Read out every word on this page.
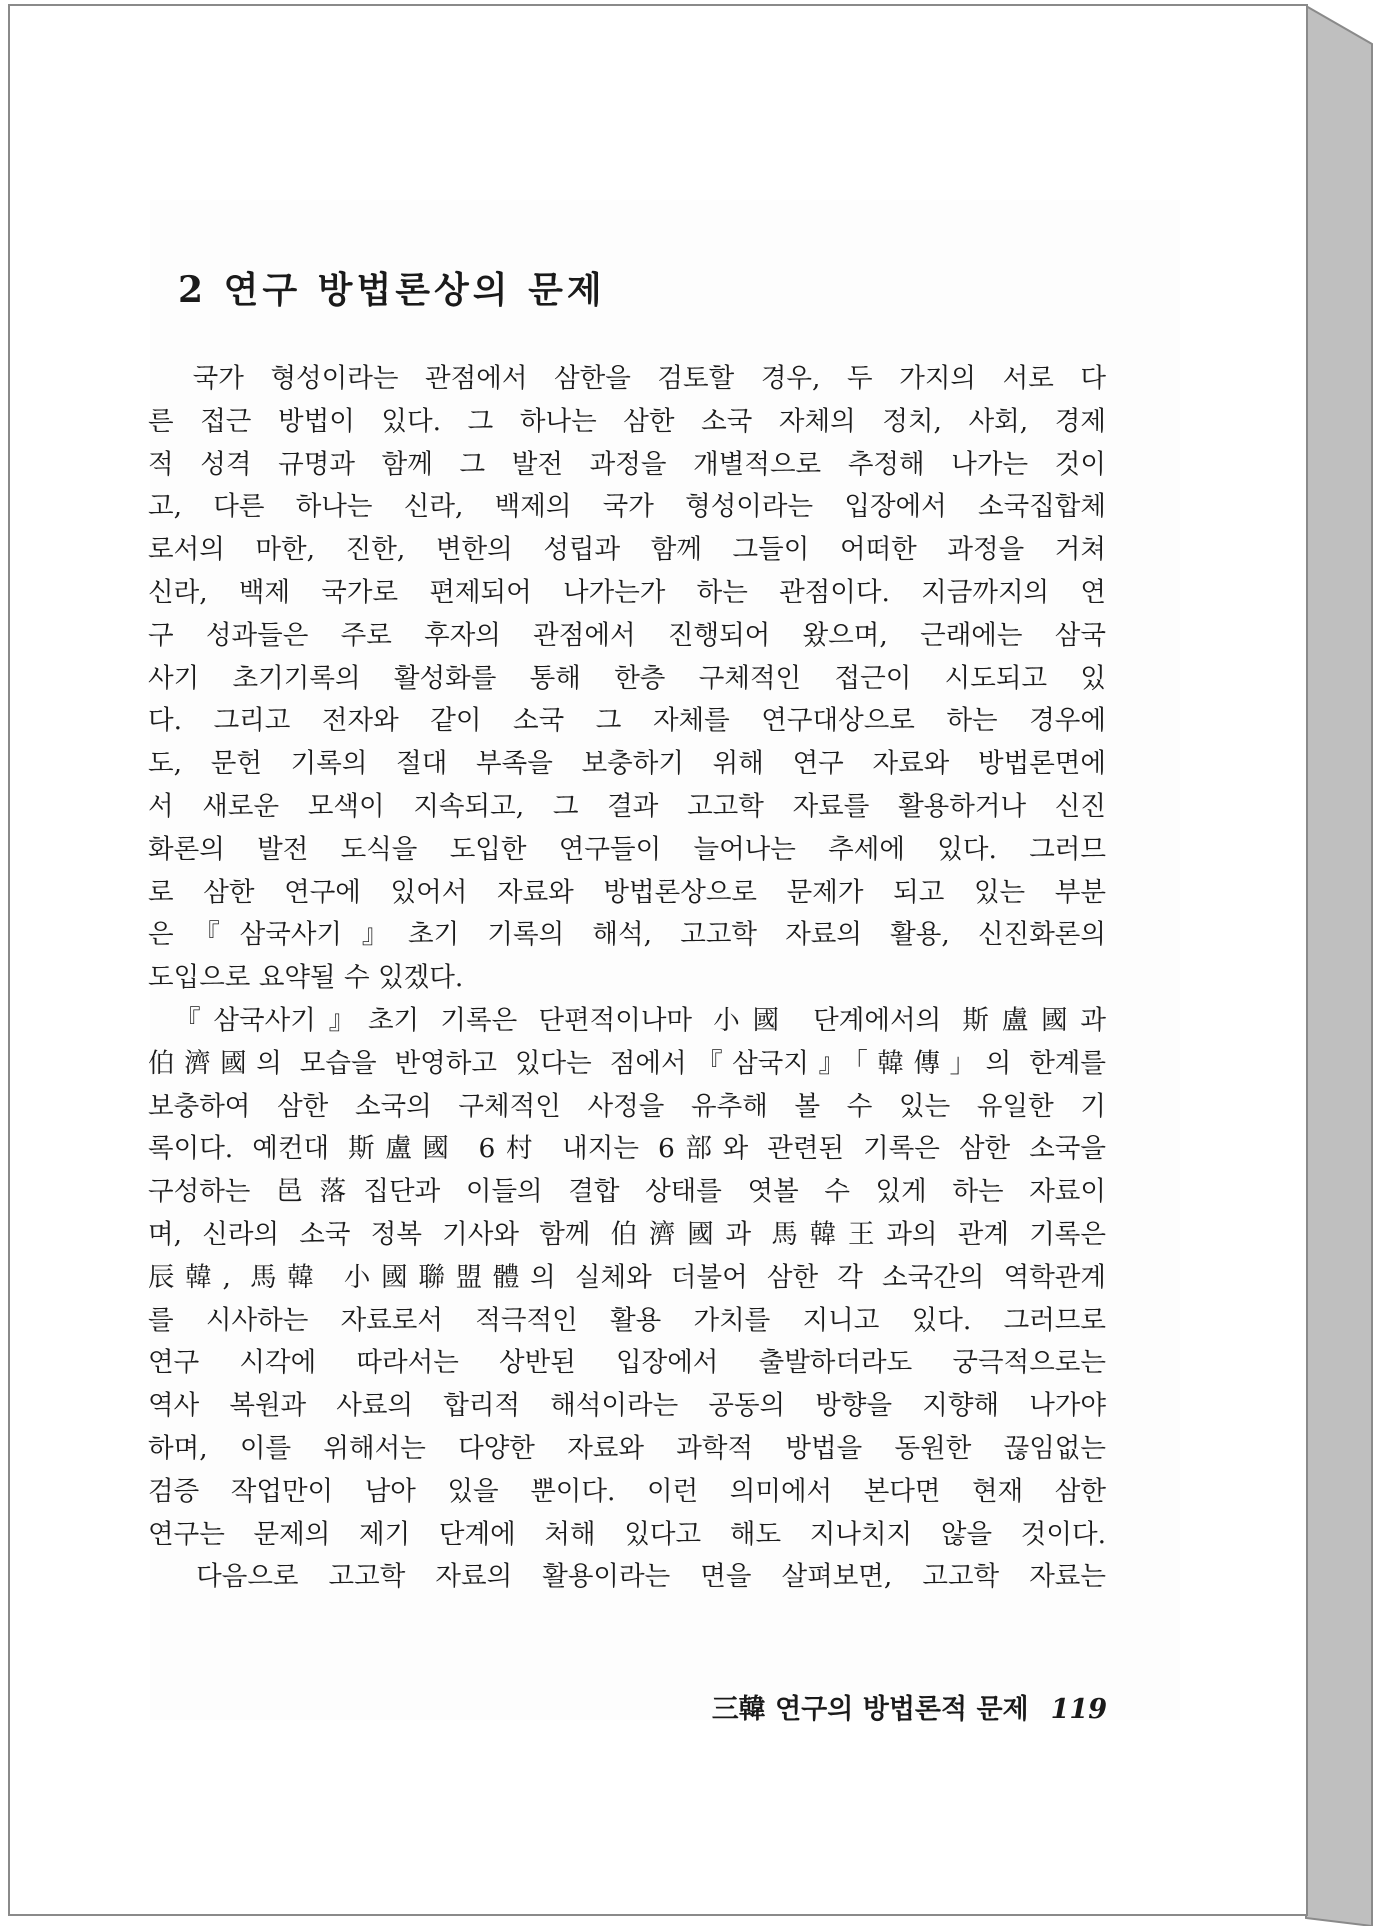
2 연구 방법론상의 문제
　국가 형성이라는 관점에서 삼한을 검토할 경우, 두 가지의 서로 다
른 접근 방법이 있다. 그 하나는 삼한 소국 자체의 정치, 사회, 경제
적 성격 규명과 함께 그 발전 과정을 개별적으로 추정해 나가는 것이
고, 다른 하나는 신라, 백제의 국가 형성이라는 입장에서 소국집합체
로서의 마한, 진한, 변한의 성립과 함께 그들이 어떠한 과정을 거쳐
신라, 백제 국가로 편제되어 나가는가 하는 관점이다. 지금까지의 연
구 성과들은 주로 후자의 관점에서 진행되어 왔으며, 근래에는 삼국
사기 초기기록의 활성화를 통해 한층 구체적인 접근이 시도되고 있
다. 그리고 전자와 같이 소국 그 자체를 연구대상으로 하는 경우에
도, 문헌 기록의 절대 부족을 보충하기 위해 연구 자료와 방법론면에
서 새로운 모색이 지속되고, 그 결과 고고학 자료를 활용하거나 신진
화론의 발전 도식을 도입한 연구들이 늘어나는 추세에 있다. 그러므
로 삼한 연구에 있어서 자료와 방법론상으로 문제가 되고 있는 부분
은『삼국사기』초기 기록의 해석, 고고학 자료의 활용, 신진화론의
도입으로 요약될 수 있겠다.
　『삼국사기』초기 기록은 단편적이나마 小國 단계에서의 斯盧國과
伯濟國의 모습을 반영하고 있다는 점에서『삼국지』「韓傳」의 한계를
보충하여 삼한 소국의 구체적인 사정을 유추해 볼 수 있는 유일한 기
록이다. 예컨대 斯盧國 6村 내지는 6部와 관련된 기록은 삼한 소국을
구성하는 邑落집단과 이들의 결합 상태를 엿볼 수 있게 하는 자료이
며, 신라의 소국 정복 기사와 함께 伯濟國과 馬韓王과의 관계 기록은
辰韓, 馬韓 小國聯盟體의 실체와 더불어 삼한 각 소국간의 역학관계
를 시사하는 자료로서 적극적인 활용 가치를 지니고 있다. 그러므로
연구 시각에 따라서는 상반된 입장에서 출발하더라도 궁극적으로는
역사 복원과 사료의 합리적 해석이라는 공동의 방향을 지향해 나가야
하며, 이를 위해서는 다양한 자료와 과학적 방법을 동원한 끊임없는
검증 작업만이 남아 있을 뿐이다. 이런 의미에서 본다면 현재 삼한
연구는 문제의 제기 단계에 처해 있다고 해도 지나치지 않을 것이다.
　다음으로 고고학 자료의 활용이라는 면을 살펴보면, 고고학 자료는
三韓 연구의 방법론적 문제 119
